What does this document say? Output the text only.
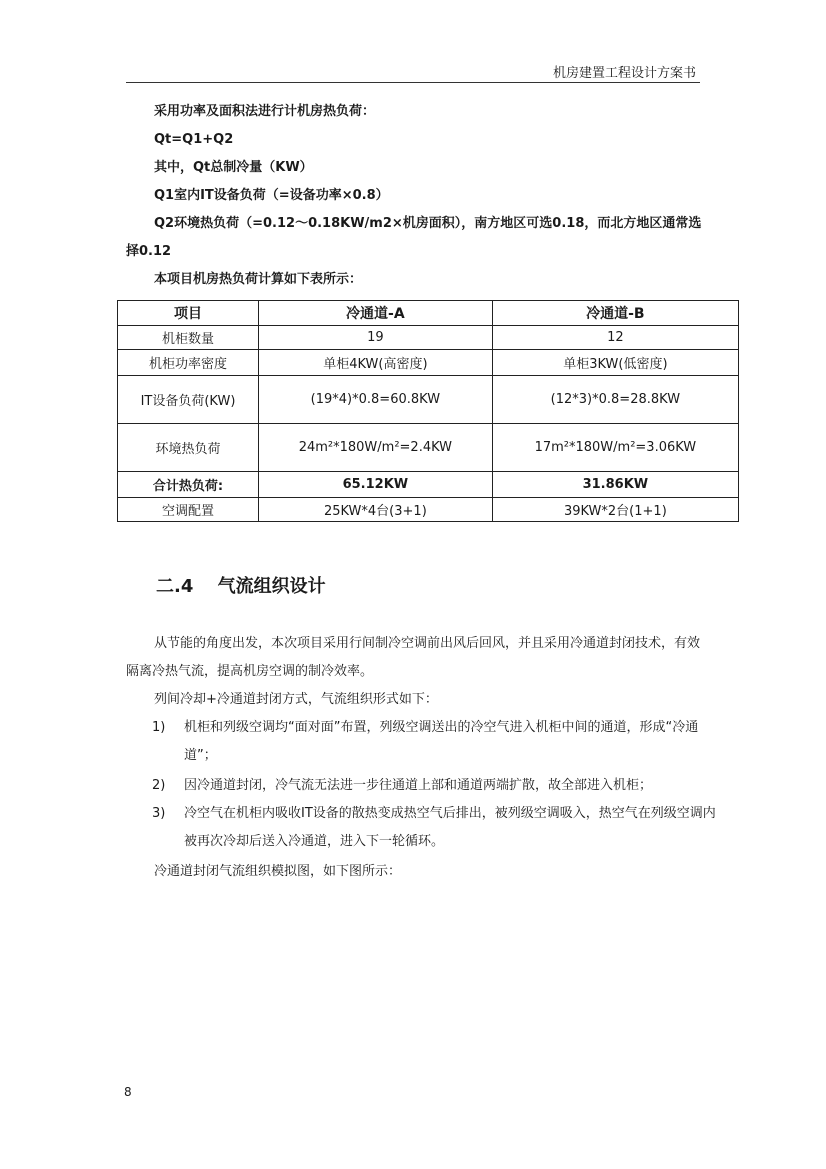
机房建置工程设计方案书
采用功率及面积法进行计机房热负荷：
Qt=Q1+Q2
其中，Qt总制冷量（KW）
Q1室内IT设备负荷（=设备功率×0.8）
Q2环境热负荷（=0.12～0.18KW/m2×机房面积），南方地区可选0.18，而北方地区通常选择0.12
本项目机房热负荷计算如下表所示：
项目	冷通道-A	冷通道-B
机柜数量	19	12
机柜功率密度	单柜4KW(高密度)	单柜3KW(低密度)
IT设备负荷(KW)	(19*4)*0.8=60.8KW	(12*3)*0.8=28.8KW
环境热负荷	24m²*180W/m²=2.4KW	17m²*180W/m²=3.06KW
合计热负荷:	65.12KW	31.86KW
空调配置	25KW*4台(3+1)	39KW*2台(1+1)
二.4 气流组织设计
从节能的角度出发，本次项目采用行间制冷空调前出风后回风，并且采用冷通道封闭技术，有效隔离冷热气流，提高机房空调的制冷效率。
列间冷却+冷通道封闭方式，气流组织形式如下：
1) 机柜和列级空调均“面对面”布置，列级空调送出的冷空气进入机柜中间的通道，形成“冷通道”；
2) 因冷通道封闭，冷气流无法进一步往通道上部和通道两端扩散，故全部进入机柜；
3) 冷空气在机柜内吸收IT设备的散热变成热空气后排出，被列级空调吸入，热空气在列级空调内被再次冷却后送入冷通道，进入下一轮循环。
冷通道封闭气流组织模拟图，如下图所示：
8
